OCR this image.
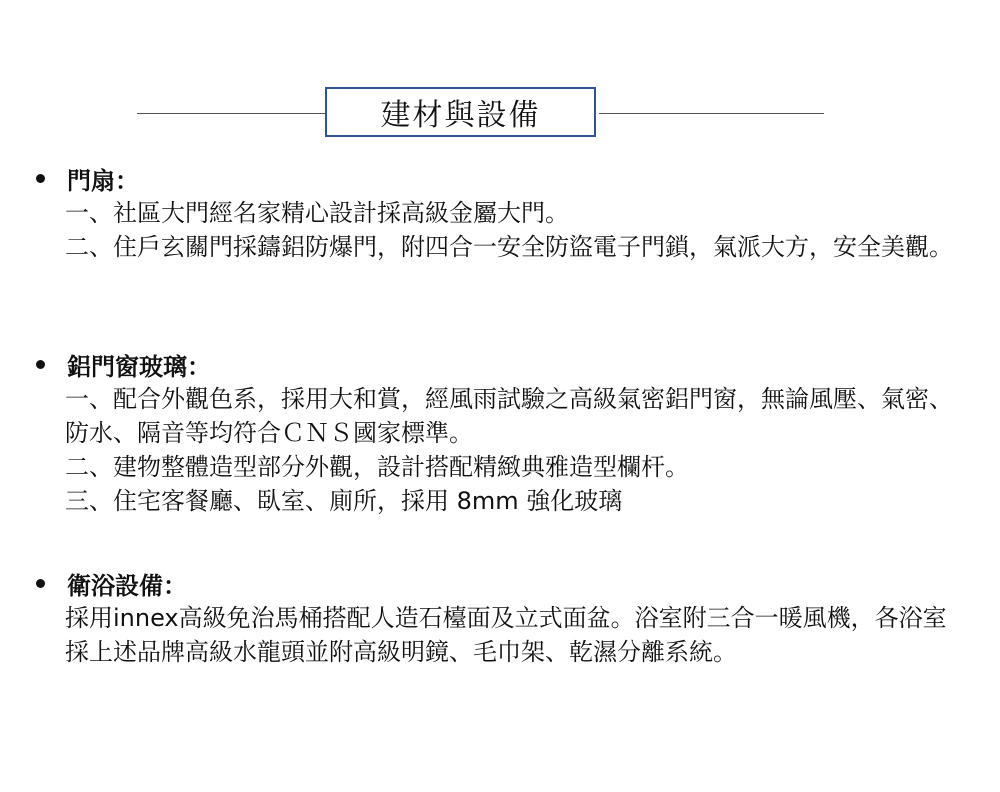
建材與設備
門扇：

一、社區大門經名家精心設計採高級金屬大門。

二、住戶玄關門採鑄鋁防爆門，附四合一安全防盜電子門鎖，氣派大方，安全美觀。

鋁門窗玻璃：

一、配合外觀色系，採用大和賞，經風雨試驗之高級氣密鋁門窗，無論風壓、氣密、防水、隔音等均符合ＣＮＳ國家標準。

二、建物整體造型部分外觀，設計搭配精緻典雅造型欄杆。

三、住宅客餐廳、臥室、廁所，採用 8mm 強化玻璃

衛浴設備：

採用innex高級免治馬桶搭配人造石檯面及立式面盆。浴室附三合一暖風機，各浴室採上述品牌高級水龍頭並附高級明鏡、毛巾架、乾濕分離系統。
